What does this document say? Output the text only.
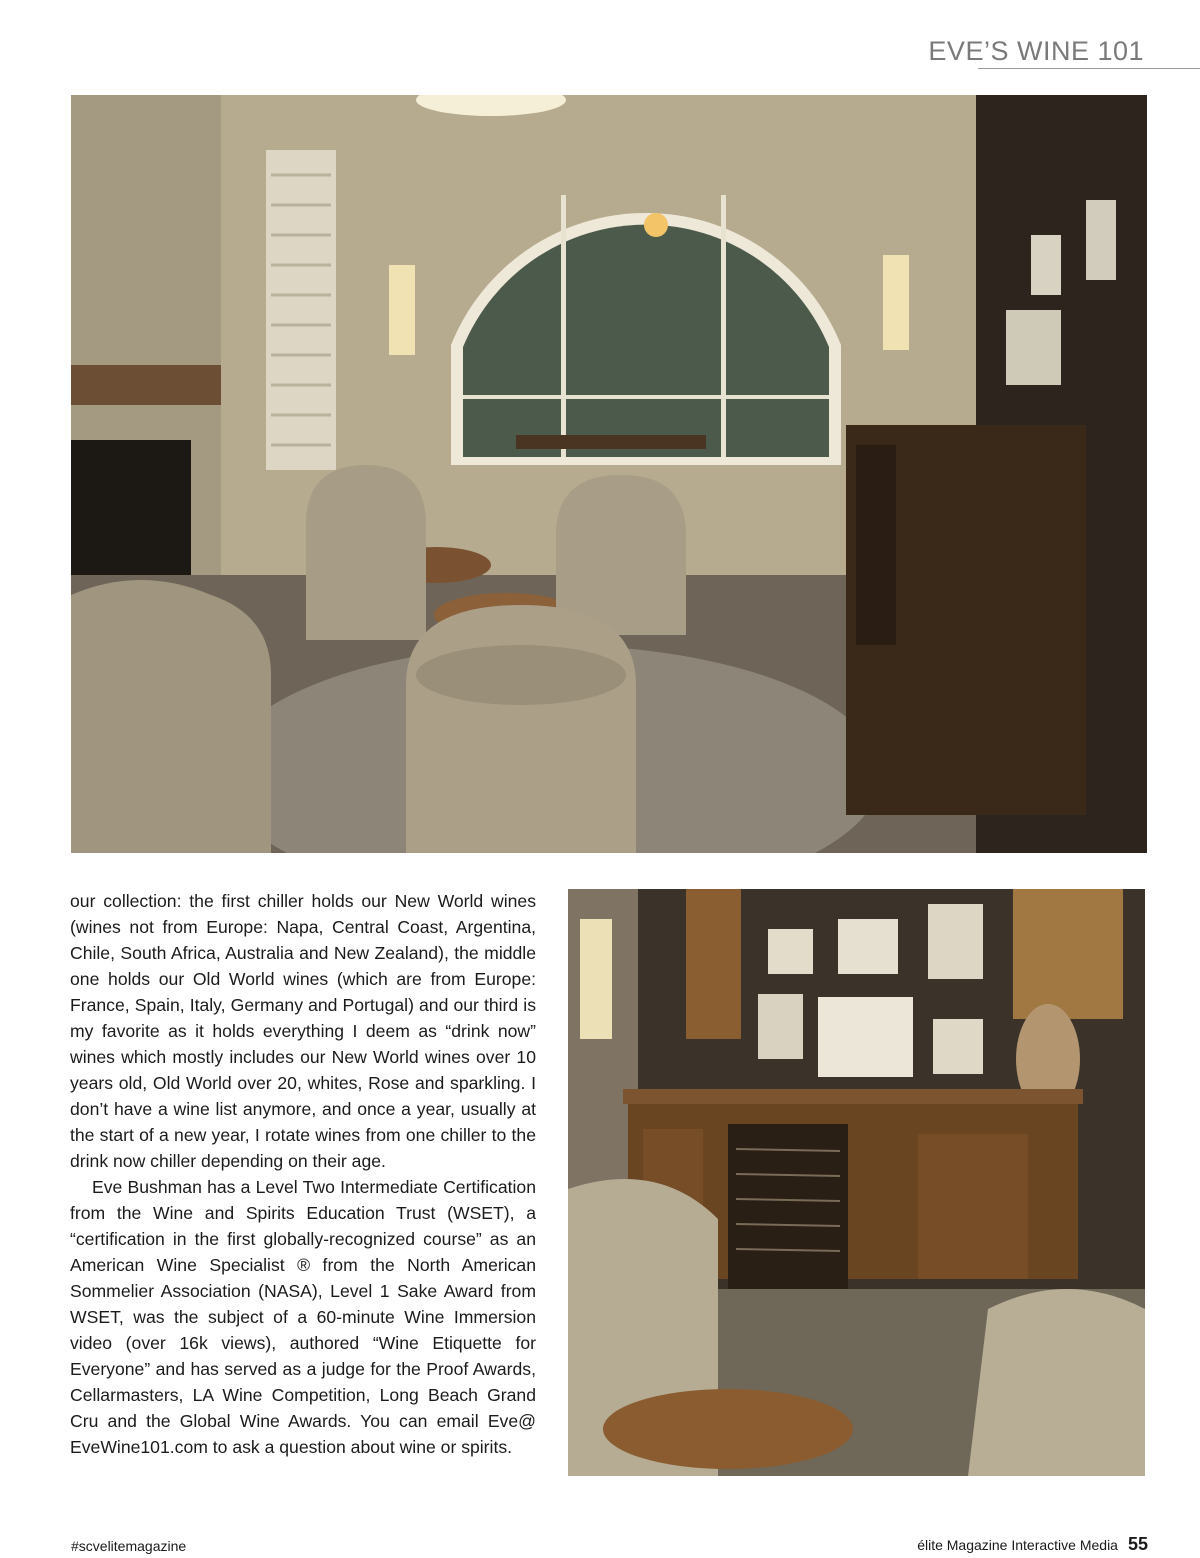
EVE’S WINE 101

our collection: the first chiller holds our New World wines (wines not from Europe: Napa, Central Coast, Argentina, Chile, South Africa, Australia and New Zealand), the middle one holds our Old World wines (which are from Europe: France, Spain, Italy, Germany and Portugal) and our third is my favorite as it holds everything I deem as “drink now” wines which mostly includes our New World wines over 10 years old, Old World over 20, whites, Rose and sparkling. I don’t have a wine list anymore, and once a year, usually at the start of a new year, I rotate wines from one chiller to the drink now chiller depending on their age.

Eve Bushman has a Level Two Intermediate Certification from the Wine and Spirits Education Trust (WSET), a “certification in the first globally-recognized course” as an American Wine Specialist ® from the North American Sommelier Association (NASA), Level 1 Sake Award from WSET, was the subject of a 60-minute Wine Immersion video (over 16k views), authored “Wine Etiquette for Everyone” and has served as a judge for the Proof Awards, Cellarmasters, LA Wine Competition, Long Beach Grand Cru and the Global Wine Awards. You can email Eve@ EveWine101.com to ask a question about wine or spirits.

#scvelitemagazine	élite Magazine Interactive Media 55
